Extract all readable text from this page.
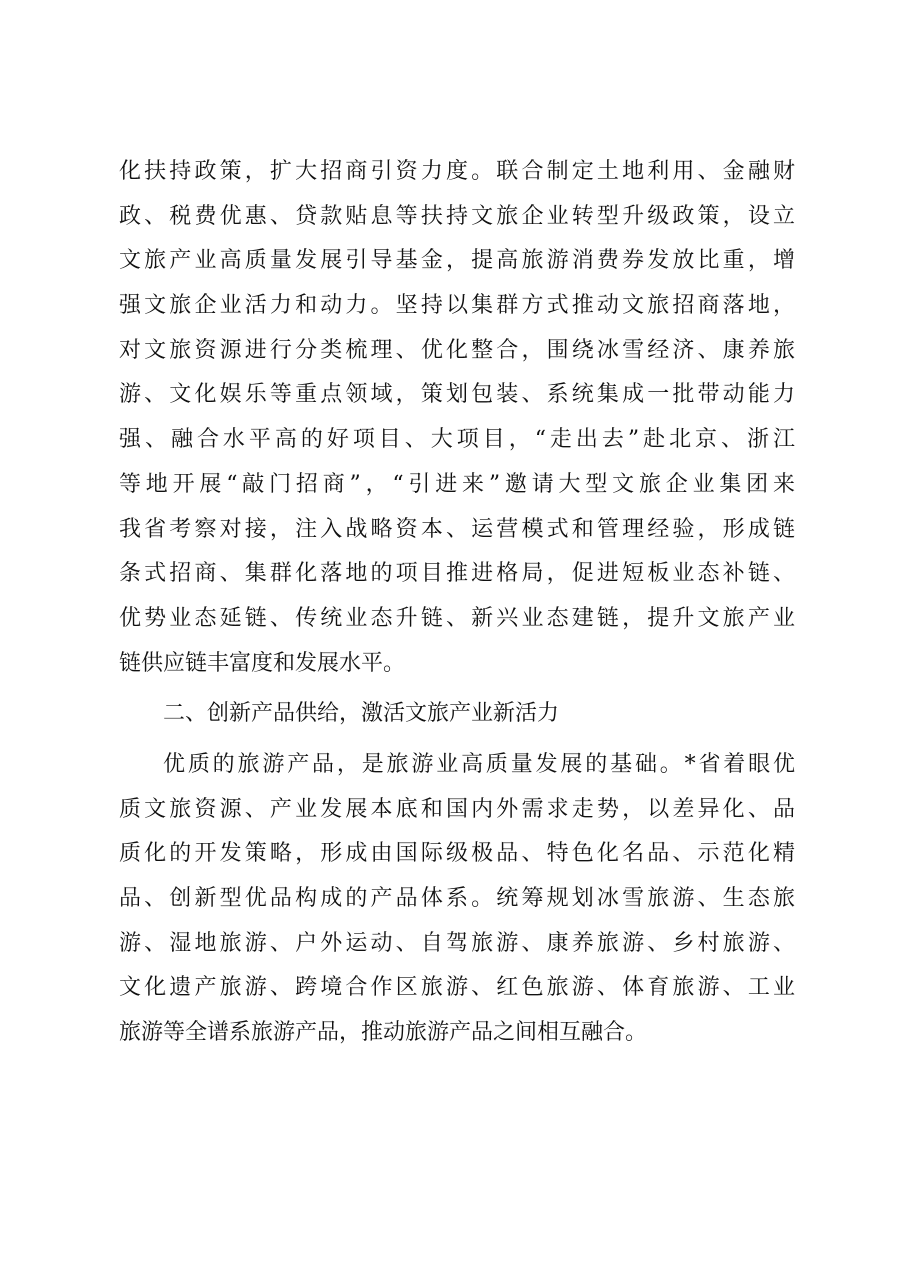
化扶持政策，扩大招商引资力度。联合制定土地利用、金融财
政、税费优惠、贷款贴息等扶持文旅企业转型升级政策，设立
文旅产业高质量发展引导基金，提高旅游消费券发放比重，增
强文旅企业活力和动力。坚持以集群方式推动文旅招商落地，
对文旅资源进行分类梳理、优化整合，围绕冰雪经济、康养旅
游、文化娱乐等重点领域，策划包装、系统集成一批带动能力
强、融合水平高的好项目、大项目，“走出去”赴北京、浙江
等地开展“敲门招商”，“引进来”邀请大型文旅企业集团来
我省考察对接，注入战略资本、运营模式和管理经验，形成链
条式招商、集群化落地的项目推进格局，促进短板业态补链、
优势业态延链、传统业态升链、新兴业态建链，提升文旅产业
链供应链丰富度和发展水平。
二、创新产品供给，激活文旅产业新活力
优质的旅游产品，是旅游业高质量发展的基础。*省着眼优
质文旅资源、产业发展本底和国内外需求走势，以差异化、品
质化的开发策略，形成由国际级极品、特色化名品、示范化精
品、创新型优品构成的产品体系。统筹规划冰雪旅游、生态旅
游、湿地旅游、户外运动、自驾旅游、康养旅游、乡村旅游、
文化遗产旅游、跨境合作区旅游、红色旅游、体育旅游、工业
旅游等全谱系旅游产品，推动旅游产品之间相互融合。
